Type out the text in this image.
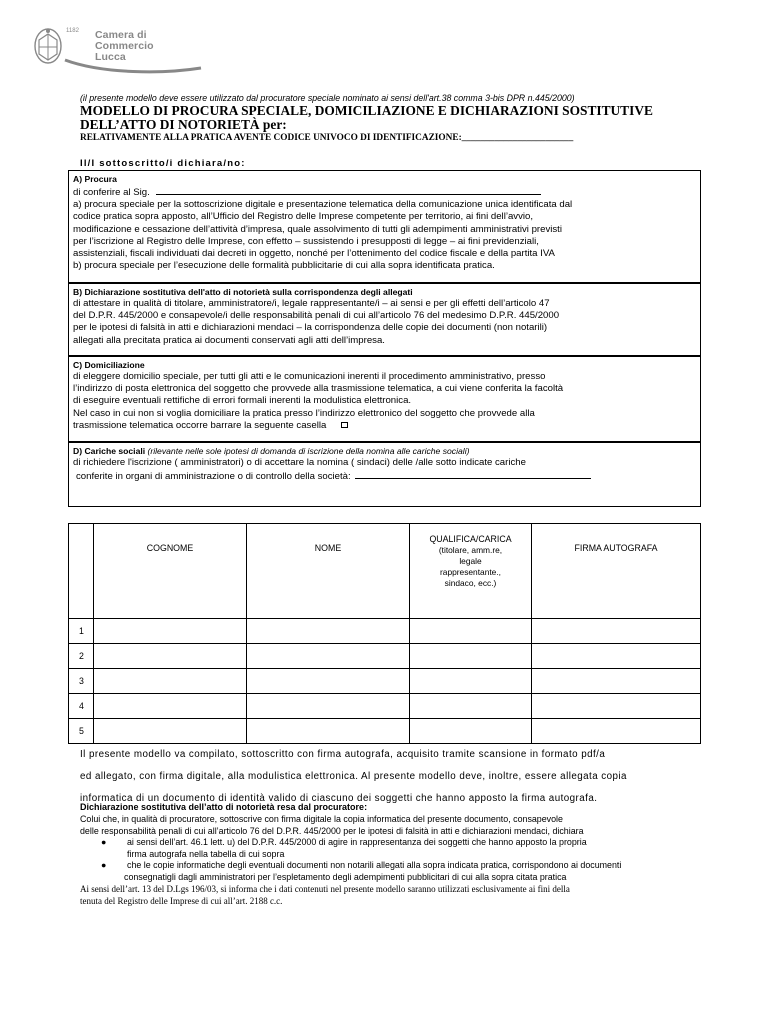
1182 Camera di Commercio
Lucca
(il presente modello deve essere utilizzato dal procuratore speciale nominato ai sensi dell'art.38 comma 3-bis DPR n.445/2000)
MODELLO DI PROCURA SPECIALE, DOMICILIAZIONE E DICHIARAZIONI SOSTITUTIVE
DELL’ATTO DI NOTORIETÀ per:
RELATIVAMENTE ALLA PRATICA AVENTE CODICE UNIVOCO DI IDENTIFICAZIONE:________________________
Il/I sottoscritto/i dichiara/no:
A) Procura
di conferire al Sig.
a) procura speciale per la sottoscrizione digitale e presentazione telematica della comunicazione unica identificata dal
codice pratica sopra apposto, all’Ufficio del Registro delle Imprese competente per territorio, ai fini dell’avvio,
modificazione e cessazione dell’attività d’impresa, quale assolvimento di tutti gli adempimenti amministrativi previsti
per l’iscrizione al Registro delle Imprese, con effetto – sussistendo i presupposti di legge – ai fini previdenziali,
assistenziali, fiscali individuati dai decreti in oggetto, nonché per l’ottenimento del codice fiscale e della partita IVA
b) procura speciale per l’esecuzione delle formalità pubblicitarie di cui alla sopra identificata pratica.
B) Dichiarazione sostitutiva dell'atto di notorietà sulla corrispondenza degli allegati
di attestare in qualità di titolare, amministratore/i, legale rappresentante/i – ai sensi e per gli effetti dell’articolo 47
del D.P.R. 445/2000 e consapevole/i delle responsabilità penali di cui all’articolo 76 del medesimo D.P.R. 445/2000
per le ipotesi di falsità in atti e dichiarazioni mendaci – la corrispondenza delle copie dei documenti (non notarili)
allegati alla precitata pratica ai documenti conservati agli atti dell’impresa.
C) Domiciliazione
di eleggere domicilio speciale, per tutti gli atti e le comunicazioni inerenti il procedimento amministrativo, presso
l’indirizzo di posta elettronica del soggetto che provvede alla trasmissione telematica, a cui viene conferita la facoltà
di eseguire eventuali rettifiche di errori formali inerenti la modulistica elettronica.
Nel caso in cui non si voglia domiciliare la pratica presso l’indirizzo elettronico del soggetto che provvede alla
trasmissione telematica occorre barrare la seguente casella
D) Cariche sociali (rilevante nelle sole ipotesi di domanda di iscrizione della nomina alle cariche sociali)
di richiedere l'iscrizione ( amministratori) o di accettare la nomina ( sindaci) delle /alle sotto indicate cariche
conferite in organi di amministrazione o di controllo della società:
	COGNOME	NOME	QUALIFICA/CARICA
(titolare, amm.re,
legale
rappresentante.,
sindaco, ecc.)	FIRMA AUTOGRAFA
1				
2				
3				
4				
5				
Il presente modello va compilato, sottoscritto con firma autografa, acquisito tramite scansione in formato pdf/a
ed allegato, con firma digitale, alla modulistica elettronica. Al presente modello deve, inoltre, essere allegata copia
informatica di un documento di identità valido di ciascuno dei soggetti che hanno apposto la firma autografa.
Dichiarazione sostitutiva dell’atto di notorietà resa dal procuratore:
Colui che, in qualità di procuratore, sottoscrive con firma digitale la copia informatica del presente documento, consapevole
delle responsabilità penali di cui all’articolo 76 del D.P.R. 445/2000 per le ipotesi di falsità in atti e dichiarazioni mendaci, dichiara
● ai sensi dell’art. 46.1 lett. u) del D.P.R. 445/2000 di agire in rappresentanza dei soggetti che hanno apposto la propria
firma autografa nella tabella di cui sopra
● che le copie informatiche degli eventuali documenti non notarili allegati alla sopra indicata pratica, corrispondono ai documenti
consegnatigli dagli amministratori per l’espletamento degli adempimenti pubblicitari di cui alla sopra citata pratica
Ai sensi dell’art. 13 del D.Lgs 196/03, si informa che i dati contenuti nel presente modello saranno utilizzati esclusivamente ai fini della
tenuta del Registro delle Imprese di cui all’art. 2188 c.c.
